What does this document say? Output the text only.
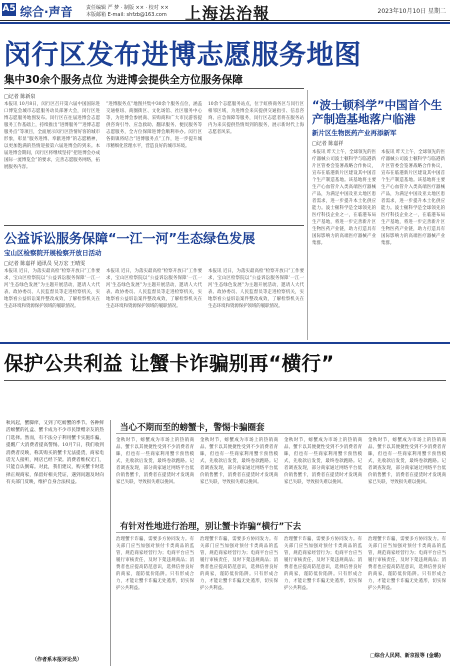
A5 综合·声音	责任编辑 严 梦 · 制版 ×× · 校对 ××
本版邮箱 E-mail: shfzb@163.com 上海法治報	2023年10月10日 星期二
闵行区发布进博志愿服务地图
集中30余个服务点位 为进博会提供全方位服务保障
□记者 陈新泉
本报讯 10月8日，闵行区召开第六届中国国际进口博览会城市志愿服务动员部署大会，闵行区进博志愿服务地图发布。闵行区在往届进博会志愿服务工作基础上，持续推出“进博服务”“进博志愿服务点”等项目，全面展示闵行区热情好客的城市形象，彰显“服务进博、奉献进博”的志愿精神，以更加饱满的热情迎接第六届进博会的到来。本届进博会期间，闵行区将继续坚持“把进博会办成国际一流博览会”的要求，完善志愿服务网络，拓展服务内容。
“进博服务点”地图共集中30余个服务点位，涵盖交通枢纽、商圈街区、文化场馆、社区服务中心等，为进博会参展商、采购商和广大市民游客提供咨询引导、应急救助、翻译服务、便民服务等志愿服务，全方位保障进博会顺利举办。闵行区各街镇将结合“进博服务点”工作，进一步提升城市精细化管理水平，营造良好的城市环境。
10余个志愿服务站点，位于虹桥商务区与闵行区相邻区域，为进博会来宾提供交通指引、信息咨询、应急保障等服务，闵行区志愿者将在服务站内为来宾提供热情周到的服务，展示新时代上海志愿者风采。
“波士顿科学”中国首个生产制造基地落户临港
新片区生物医药产业再添新军
□记者 陈嘉祥
本报讯 昨天上午，全球领先的医疗器械公司波士顿科学与临港新片区管委会签署战略合作协议，宣布在临港新片区建设其中国首个生产制造基地。该基地将主要生产心血管介入类高端医疗器械产品，为满足中国及亚太地区患者需求，进一步提升本土化供应能力。波士顿科学是全球领先的医疗科技企业之一，在临港布局生产基地，将进一步完善新片区生物医药产业链，助力打造具有国际影响力的高端医疗器械产业集群。
本报讯 昨天上午，全球领先的医疗器械公司波士顿科学与临港新片区管委会签署战略合作协议，宣布在临港新片区建设其中国首个生产制造基地。该基地将主要生产心血管介入类高端医疗器械产品，为满足中国及亚太地区患者需求，进一步提升本土化供应能力。波士顿科学是全球领先的医疗科技企业之一，在临港布局生产基地，将进一步完善新片区生物医药产业链，助力打造具有国际影响力的高端医疗器械产业集群。
公益诉讼服务保障“一江一河”生态绿色发展
宝山区检察院开展检察开放日活动
□记者 陈嘉祥 通讯员 吴万宏 王晴雯
本报讯 近日，为落实最高检“检察开放日”工作要求，宝山区检察院以“公益诉讼服务保障‘一江一河’生态绿色发展”为主题开展活动，邀请人大代表、政协委员、人民监督员等走进检察机关，实地察看公益诉讼案件整改成效，了解检察机关在生态环境和资源保护领域的履职情况。
本报讯 近日，为落实最高检“检察开放日”工作要求，宝山区检察院以“公益诉讼服务保障‘一江一河’生态绿色发展”为主题开展活动，邀请人大代表、政协委员、人民监督员等走进检察机关，实地察看公益诉讼案件整改成效，了解检察机关在生态环境和资源保护领域的履职情况。
本报讯 近日，为落实最高检“检察开放日”工作要求，宝山区检察院以“公益诉讼服务保障‘一江一河’生态绿色发展”为主题开展活动，邀请人大代表、政协委员、人民监督员等走进检察机关，实地察看公益诉讼案件整改成效，了解检察机关在生态环境和资源保护领域的履职情况。
保护公共利益 让蟹卡诈骗别再“横行”
秋风起，蟹脚痒，又到了吃螃蟹的季节。各种鲜活螃蟹的礼盒、蟹卡成为不少市民馈赠亲友的热门选择。然而，有不法分子利用蟹卡实施诈骗，提醒广大消费者提高警惕。10月7日，我们收到消费者反映，称其购买的蟹卡无法提货，商家电话无人接听，网店已经下架。消费者维权无门，只能自认倒霉。对此，我们建议，购买蟹卡时选择正规商家，保留好相关凭证，遇到问题及时向有关部门反映，维护自身合法权益。
（作者系本报评论员）
当心不期而至的螃蟹卡，警惕卡骗圈套
金秋时节，螃蟹成为市场上的热销商品。蟹卡以其便捷性受到不少消费者青睐，但也有一些商家利用蟹卡预售模式，先收款后发货，最终卷款跑路。记者调查发现，部分商家通过网络平台低价销售蟹卡，消费者在提货时才发现商家已失联，导致损失难以挽回。
金秋时节，螃蟹成为市场上的热销商品。蟹卡以其便捷性受到不少消费者青睐，但也有一些商家利用蟹卡预售模式，先收款后发货，最终卷款跑路。记者调查发现，部分商家通过网络平台低价销售蟹卡，消费者在提货时才发现商家已失联，导致损失难以挽回。
金秋时节，螃蟹成为市场上的热销商品。蟹卡以其便捷性受到不少消费者青睐，但也有一些商家利用蟹卡预售模式，先收款后发货，最终卷款跑路。记者调查发现，部分商家通过网络平台低价销售蟹卡，消费者在提货时才发现商家已失联，导致损失难以挽回。
金秋时节，螃蟹成为市场上的热销商品。蟹卡以其便捷性受到不少消费者青睐，但也有一些商家利用蟹卡预售模式，先收款后发货，最终卷款跑路。记者调查发现，部分商家通过网络平台低价销售蟹卡，消费者在提货时才发现商家已失联，导致损失难以挽回。
有针对性地进行治理，别让蟹卡诈骗“横行”下去
治理蟹卡诈骗，需要多方协同发力。有关部门应当加强对预付卡类商品的监管，规范商家经营行为；电商平台应当履行审核责任，及时下架违规商品；消费者也应提高防范意识，选择信誉良好的商家，谨防低价陷阱。只有形成合力，才能让蟹卡诈骗无处遁形，切实保护公共利益。
治理蟹卡诈骗，需要多方协同发力。有关部门应当加强对预付卡类商品的监管，规范商家经营行为；电商平台应当履行审核责任，及时下架违规商品；消费者也应提高防范意识，选择信誉良好的商家，谨防低价陷阱。只有形成合力，才能让蟹卡诈骗无处遁形，切实保护公共利益。
治理蟹卡诈骗，需要多方协同发力。有关部门应当加强对预付卡类商品的监管，规范商家经营行为；电商平台应当履行审核责任，及时下架违规商品；消费者也应提高防范意识，选择信誉良好的商家，谨防低价陷阱。只有形成合力，才能让蟹卡诈骗无处遁形，切实保护公共利益。
治理蟹卡诈骗，需要多方协同发力。有关部门应当加强对预付卡类商品的监管，规范商家经营行为；电商平台应当履行审核责任，及时下架违规商品；消费者也应提高防范意识，选择信誉良好的商家，谨防低价陷阱。只有形成合力，才能让蟹卡诈骗无处遁形，切实保护公共利益。
□综合人民网、新京报等 (金璐)
